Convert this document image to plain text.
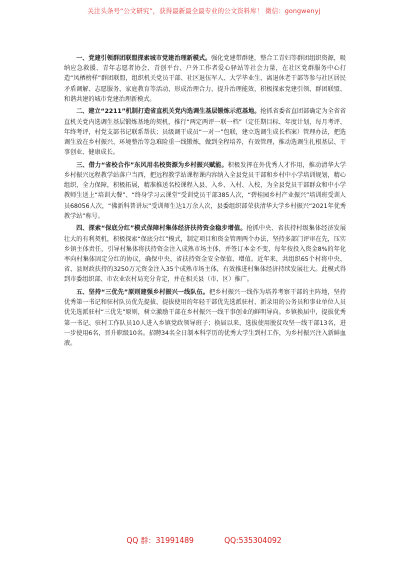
关注头条号“公文研究”，获得最新最全最专业的公文资料库！ 微信：gongwenyj

一、党建引领群团联盟探索城市党建治理新模式。强化党建带群建，整合工青妇等群团组织资源，吸纳应急救援、青年志愿者协会、青创平台、户外工作者爱心驿站等社会力量，在社区党群服务中心打造“凤栖榜样”群团联盟，组织机关党员干部、社区退伍军人、大学毕业生、离退休老干部等参与社区居民矛盾调解、志愿服务、家庭教育等活动，形成治理合力，提升治理能效，积极探索党建引领、群团联盟、和谐共建的城市党建治理新模式。

二、建立“2211”机制打造省直机关党内选调生基层锻炼示范基地。抢抓省委省直团部确定为全省省直机关党内选调生基层锻炼基地的契机，推行“两定两评一联一档”（定任期目标、年度计划，每月考评、年终考评，村党支部书记联系帮扶；员级调干成员“一对一”包联，建立选调生成长档案）管理办法，把选调生放在乡村振兴、环境整治等急难险重一线锻炼，做到全程培养，有效管理，推动选调生扎根基层、干事创业、健康成长。

三、借力“省校合作”东风用名校资源为乡村振兴赋能。积极发挥在外优秀人才作用，推动清华大学乡村振兴远程教学站落户当西，把远程教学站课程课内容纳入全县党员干部和乡村中小学培训规划，精心组织，全力保障，积极拓展，精准推送名校课程入县、入乡、入村、入校，为全县党员干部群众和中小学教师生送上“培训大餐”、“终身学习云课堂”受训党员干部385人次，“碧桂园乡村产业振兴”培训班受训人员68056人次，“佛新科普讲坛”受训师生达1万余人次，县委组织部荣获清华大学乡村振兴“2021年优秀教学站”称号。

四、探索“保底分红”模式保障村集体经济扶持资金稳步增值。抢抓中央、省扶持村级集体经济发展壮大的有利契机，积极探索“保底分红”模式，制定项目和资金管理两个办法，坚持多部门评审在先，压实乡镇主体责任，引导村集体将扶持资金注入成熟市场主体，并签订本金不变，每年按投入资金8%的年化率向村集体固定分红的协议，确保中央、省扶持资金安全保值、增值。近年来，共组织65个村将中央、省、县财政扶持的3250万元资金注入35个成熟市场主体，有效推进村集体经济持续发展壮大。此模式得到市委组织部、市农业农村局充分肯定，并在相关县（市、区）推广。

五、坚持“三优先”原则建强乡村振兴一线队伍。把乡村振兴一线作为培养考察干部的主阵地，坚持优秀第一书记和驻村队员优先提拔、提拔使用的年轻干部优先选派驻村、新录用的公务员和事业单位人员优先选派驻村“三优先”原则，树立激励干部在乡村振兴一线干事创业的鲜明导向。乡镇换届中，提拔优秀第一书记、驻村工作队员10人进入乡镇党政领导班子；换届以来，选拔使用脱贫攻坚一线干部13名，进一步使用6名，晋升职级10名。招聘34名全日制本科学历的优秀大学生到村工作，为乡村振兴注入新鲜血液。

QQ 群：31991489	QQ:535304092
